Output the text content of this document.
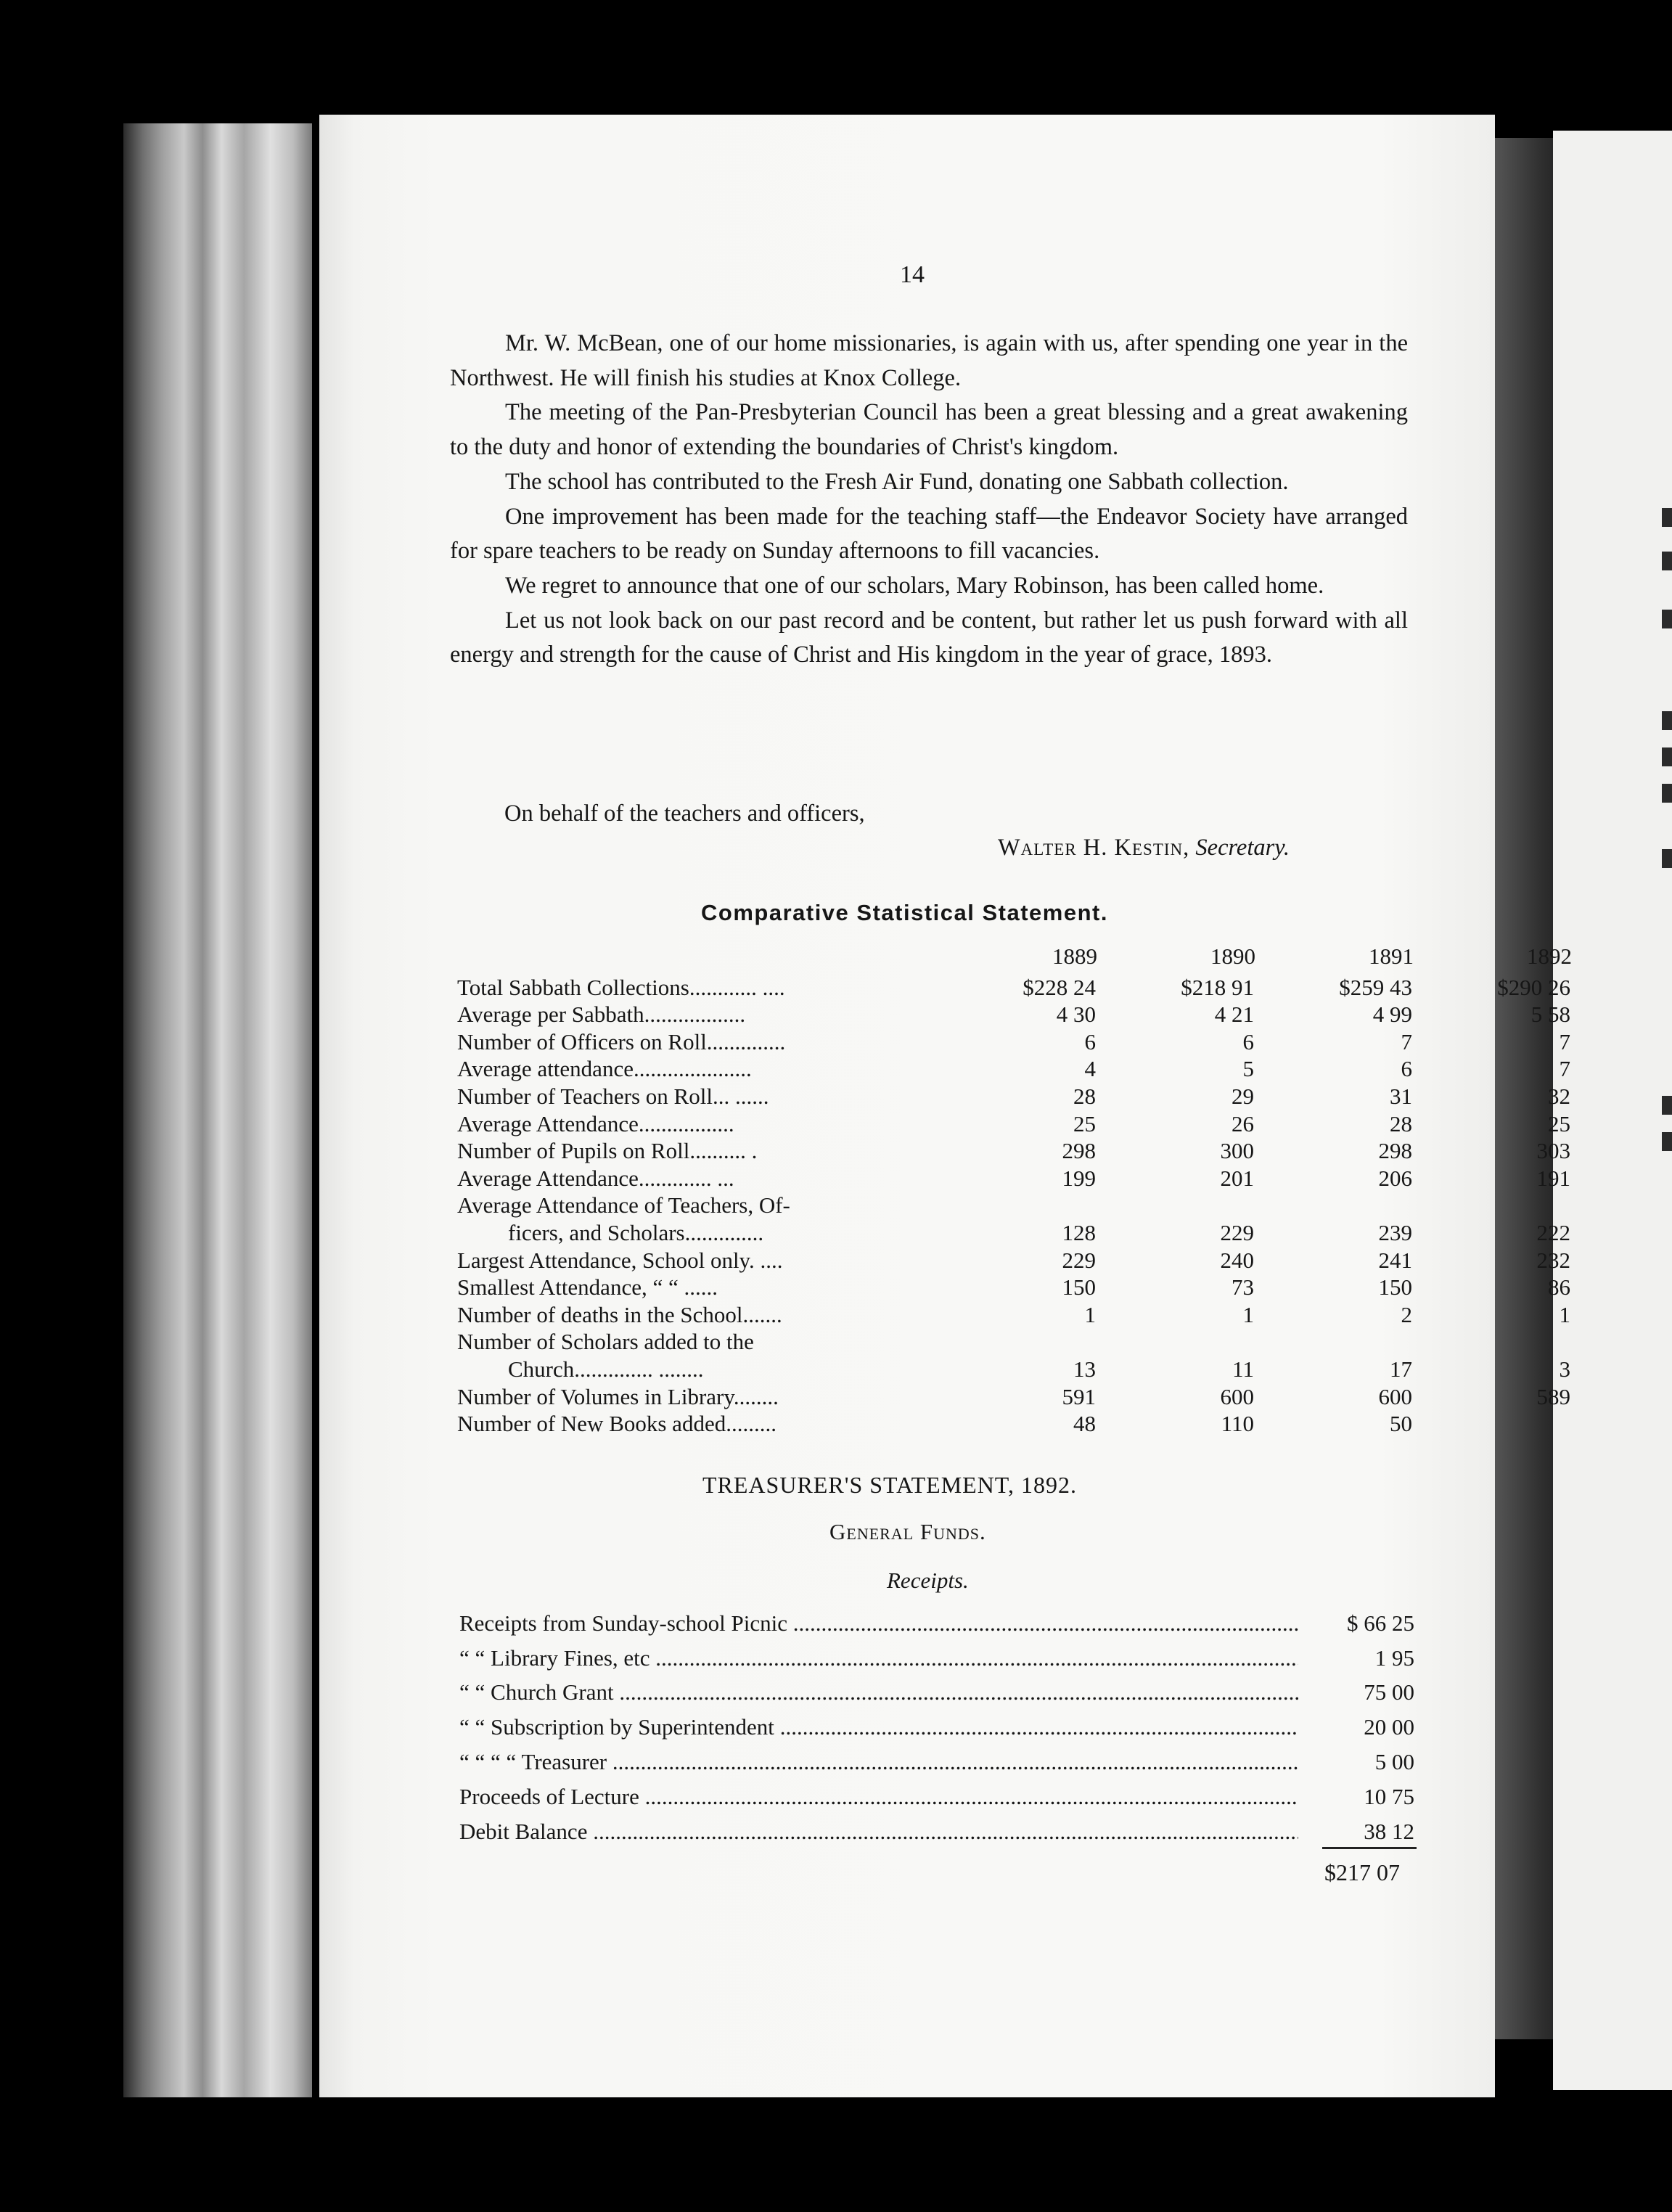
14

Mr. W. McBean, one of our home missionaries, is again with us, after spending one year in the Northwest. He will finish his studies at Knox College.

The meeting of the Pan-Presbyterian Council has been a great blessing and a great awakening to the duty and honor of extending the boundaries of Christ's kingdom.

The school has contributed to the Fresh Air Fund, donating one Sabbath collection.

One improvement has been made for the teaching staff—the Endeavor Society have arranged for spare teachers to be ready on Sunday afternoons to fill vacancies.

We regret to announce that one of our scholars, Mary Robinson, has been called home.

Let us not look back on our past record and be content, but rather let us push forward with all energy and strength for the cause of Christ and His kingdom in the year of grace, 1893.

On behalf of the teachers and officers,
Walter H. Kestin, Secretary.
Comparative Statistical Statement.
	1889	1890	1891	1892
Total Sabbath Collections............ ....	$228 24	$218 91	$259 43	$290 26
Average per Sabbath..................	4 30	4 21	4 99	5 58
Number of Officers on Roll..............	6	6	7	7
Average attendance.....................	4	5	6	7
Number of Teachers on Roll... ......	28	29	31	32
Average Attendance.................	25	26	28	25
Number of Pupils on Roll.......... .	298	300	298	303
Average Attendance............. ...	199	201	206	191
Average Attendance of Teachers, Of-				
ficers, and Scholars..............	128	229	239	222
Largest Attendance, School only. ....	229	240	241	232
Smallest Attendance, “ “ ......	150	73	150	86
Number of deaths in the School.......	1	1	2	1
Number of Scholars added to the				
Church.............. ........	13	11	17	3
Number of Volumes in Library........	591	600	600	589
Number of New Books added.........	48	110	50	
TREASURER'S STATEMENT, 1892.
General Funds.
Receipts.
Receipts from Sunday-school Picnic .....	$ 66 25
“ “ Library Fines, etc .....	1 95
“ “ Church Grant .....	75 00
“ “ Subscription by Superintendent .....	20 00
“ “ “ “ Treasurer .....	5 00
Proceeds of Lecture .....	10 75
Debit Balance .....	38 12
$217 07
